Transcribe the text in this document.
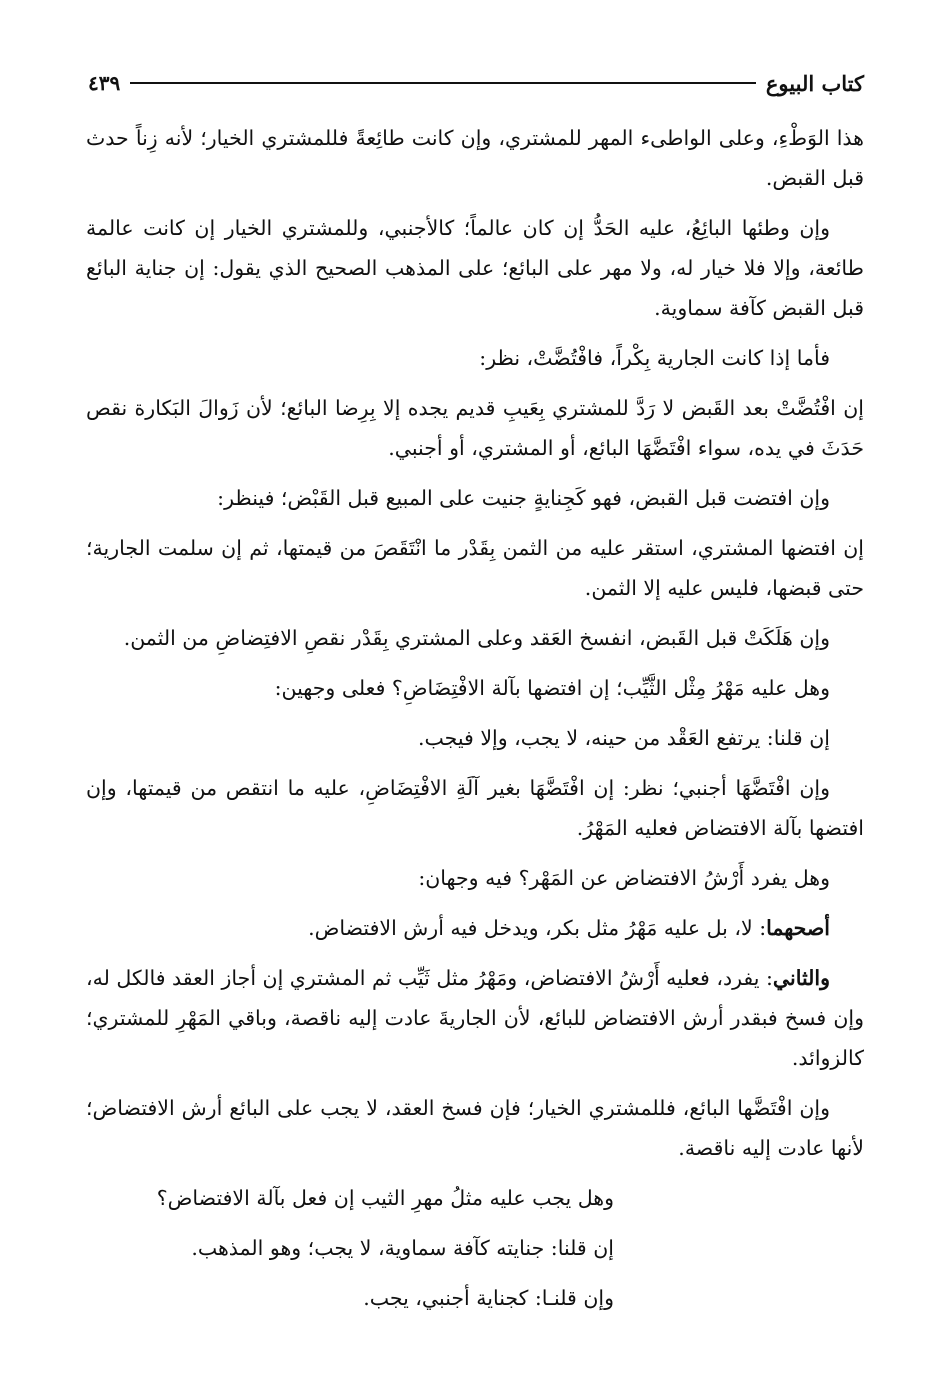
كتاب البيوع
٤٣٩

هذا الوَطْءِ، وعلى الواطىء المهر للمشتري، وإن كانت طائِعةً فللمشتري الخيار؛ لأنه زِناً حدث قبل القبض.

وإن وطئها البائِعُ، عليه الحَدُّ إن كان عالماً؛ كالأجنبي، وللمشتري الخيار إن كانت عالمة طائعة، وإلا فلا خيار له، ولا مهر على البائع؛ على المذهب الصحيح الذي يقول: إن جناية البائع قبل القبض كآفة سماوية.

فأما إذا كانت الجارية بِكْراً، فافْتُضَّتْ، نظر:

إن افْتُضَّتْ بعد القَبض لا رَدَّ للمشتري بِعَيبِ قديم يجده إلا بِرِضا البائع؛ لأن زَوالَ البَكارة نقص حَدَثَ في يده، سواء افْتَضَّهَا البائع، أو المشتري، أو أجنبي.

وإن افتضت قبل القبض، فهو كَجِنايةٍ جنيت على المبيع قبل القَبْض؛ فينظر:

إن افتضها المشتري، استقر عليه من الثمن بِقَدْر ما انْتَقَصَ من قيمتها، ثم إن سلمت الجارية؛ حتى قبضها، فليس عليه إلا الثمن.

وإن هَلَكَتْ قبل القَبض، انفسخ العَقد وعلى المشتري بِقَدْر نقصِ الافتِضاضِ من الثمن.

وهل عليه مَهْرُ مِثْل الثَّيِّب؛ إن افتضها بآلة الافْتِضَاضِ؟ فعلى وجهين:

إن قلنا: يرتفع العَقْد من حينه، لا يجب، وإلا فيجب.

وإن افْتَضَّهَا أجنبي؛ نظر: إن افْتَضَّهَا بغير آلَةِ الافْتِضَاضِ، عليه ما انتقص من قيمتها، وإن افتضها بآلة الافتضاض فعليه المَهْرُ.

وهل يفرد أَرْشُ الافتضاض عن المَهْر؟ فيه وجهان:

أصحهما: لا، بل عليه مَهْرُ مثل بكر، ويدخل فيه أرش الافتضاض.

والثاني: يفرد، فعليه أَرْشُ الافتضاض، ومَهْرُ مثل ثَيِّب ثم المشتري إن أجاز العقد فالكل له، وإن فسخ فبقدر أرش الافتضاض للبائع، لأن الجاريةَ عادت إليه ناقصة، وباقي المَهْرِ للمشتري؛ كالزوائد.

وإن افْتَضَّها البائع، فللمشتري الخيار؛ فإن فسخ العقد، لا يجب على البائع أرش الافتضاض؛ لأنها عادت إليه ناقصة.

وهل يجب عليه مثلُ مهرِ الثيب إن فعل بآلة الافتضاض؟

إن قلنا: جنايته كآفة سماوية، لا يجب؛ وهو المذهب.

وإن قلنـا: كجناية أجنبي، يجب.
